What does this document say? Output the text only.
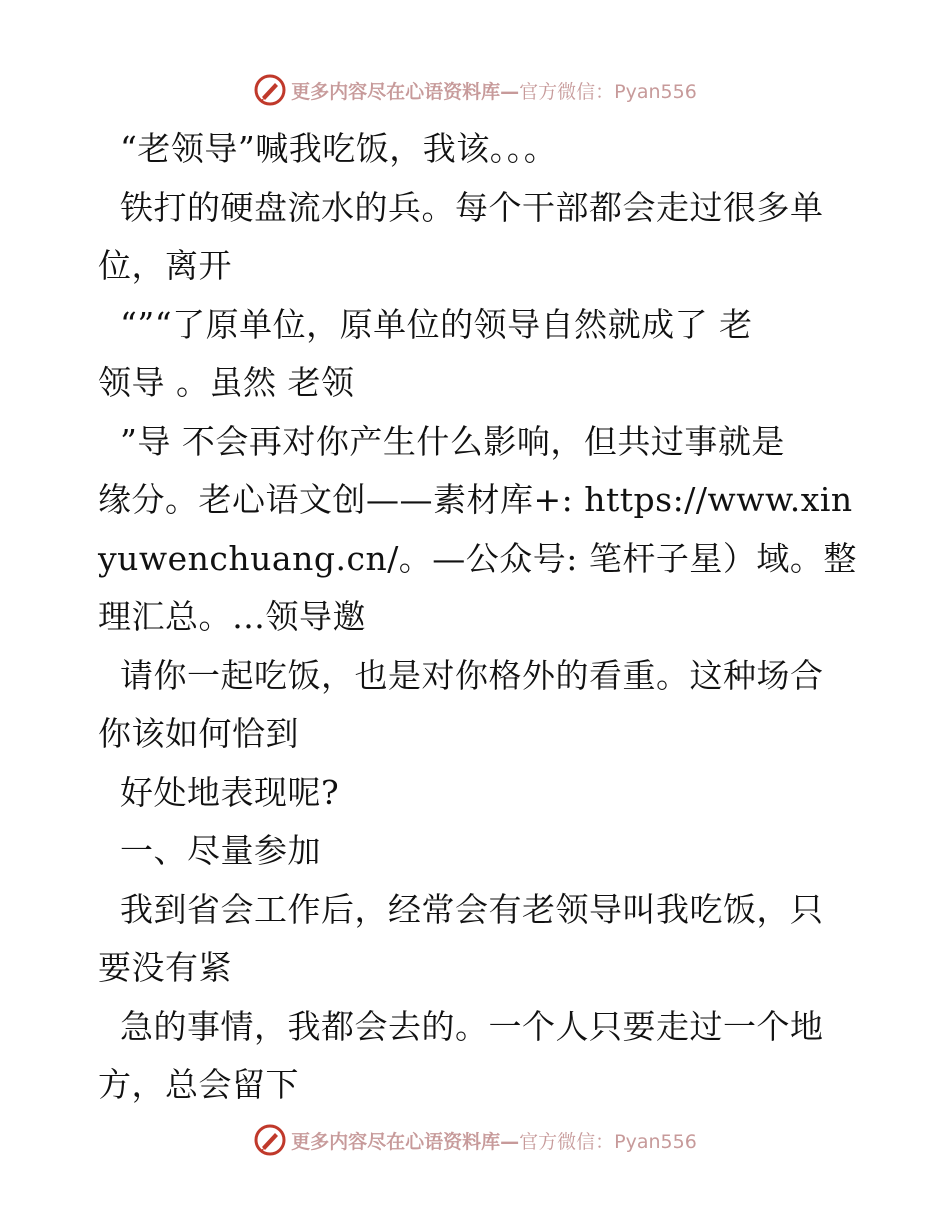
更多内容尽在心语资料库—官方微信：Pyan556
“老领导”喊我吃饭，我该。。。
铁打的硬盘流水的兵。每个干部都会走过很多单
位，离开
“”“了原单位，原单位的领导自然就成了 老
领导 。虽然 老领
”导 不会再对你产生什么影响，但共过事就是
缘分。老心语文创——素材库+: https://www.xin
yuwenchuang.cn/。—公众号: 笔杆子星）域。整
理汇总。…领导邀
请你一起吃饭，也是对你格外的看重。这种场合
你该如何恰到
好处地表现呢?
一、尽量参加
我到省会工作后，经常会有老领导叫我吃饭，只
要没有紧
急的事情，我都会去的。一个人只要走过一个地
方，总会留下
更多内容尽在心语资料库—官方微信：Pyan556
